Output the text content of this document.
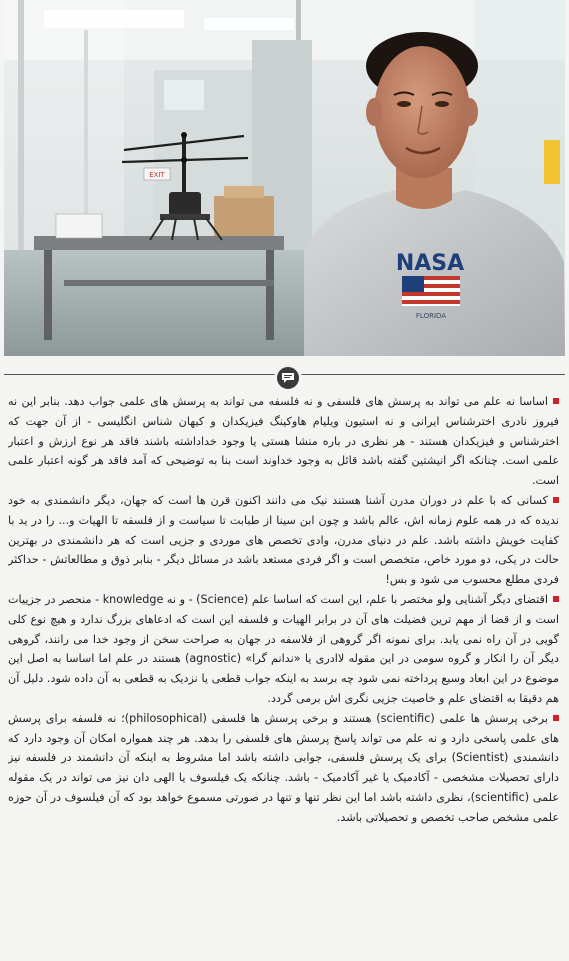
EXIT
NASA
FLORIDA

اساسا نه علم می تواند به پرسش های فلسفی و نه فلسفه می تواند به پرسش های علمی جواب دهد. بنابر این نه فیروز نادری اخترشناس ایرانی و نه استیون ویلیام هاوکینگ فیزیکدان و کیهان شناس انگلیسی - از آن جهت که اخترشناس و فیزیکدان هستند - هر نظری در باره منشا هستی یا وجود خداداشته باشند فاقد هر نوع ارزش و اعتبار علمی است. چنانکه اگر انیشتین گفته باشد قائل به وجود خداوند است بنا به توضیحی که آمد فاقد هر گونه اعتبار علمی است.

کسانی که با علم در دوران مدرن آشنا هستند نیک می دانند اکنون قرن ها است که جهان، دیگر دانشمندی به خود ندیده که در همه علوم زمانه اش، عالم باشد و چون ابن سینا از طبابت تا سیاست و از فلسفه تا الهیات و... را در ید با کفایت خویش داشته باشد. علم در دنیای مدرن، وادی تخصص های موردی و جزیی است که هر دانشمندی در بهترین حالت در یکی، دو مورد خاص، متخصص است و اگر فردی مستعد باشد در مسائل دیگر - بنابر ذوق و مطالعاتش - حداکثر فردی مطلع محسوب می شود و بس!

اقتضای دیگر آشنایی ولو مختصر با علم، این است که اساسا علم (Science) - و نه knowledge - منحصر در جزییات است و از قضا از مهم ترین فضیلت های آن در برابر الهیات و فلسفه این است که ادعاهای بزرگ ندارد و هیچ نوع کلی گویی در آن راه نمی یابد. برای نمونه اگر گروهی از فلاسفه در جهان به صراحت سخن از وجود خدا می رانند، گروهی دیگر آن را انکار و گروه سومی در این مقوله لاادری یا «ندانم گرا» (agnostic) هستند در علم اما اساسا به اصل این موضوع در این ابعاد وسیع پرداخته نمی شود چه برسد به اینکه جواب قطعی یا نزدیک به قطعی به آن داده شود. دلیل آن هم دقیقا به اقتضای علم و خاصیت جزیی نگری اش برمی گردد.

برخی پرسش ها علمی (scientific) هستند و برخی پرسش ها فلسفی (philosophical)؛ نه فلسفه برای پرسش های علمی پاسخی دارد و نه علم می تواند پاسخ پرسش های فلسفی را بدهد. هر چند همواره امکان آن وجود دارد که دانشمندی (Scientist) برای یک پرسش فلسفی، جوابی داشته باشد اما مشروط به اینکه آن دانشمند در فلسفه نیز دارای تحصیلات مشخصی - آکادمیک یا غیر آکادمیک - باشد. چنانکه یک فیلسوف یا الهی دان نیز می تواند در یک مقوله علمی (scientific)، نظری داشته باشد اما این نظر تنها و تنها در صورتی مسموع خواهد بود که آن فیلسوف در آن حوزه علمی مشخص صاحب تخصص و تحصیلاتی باشد.
